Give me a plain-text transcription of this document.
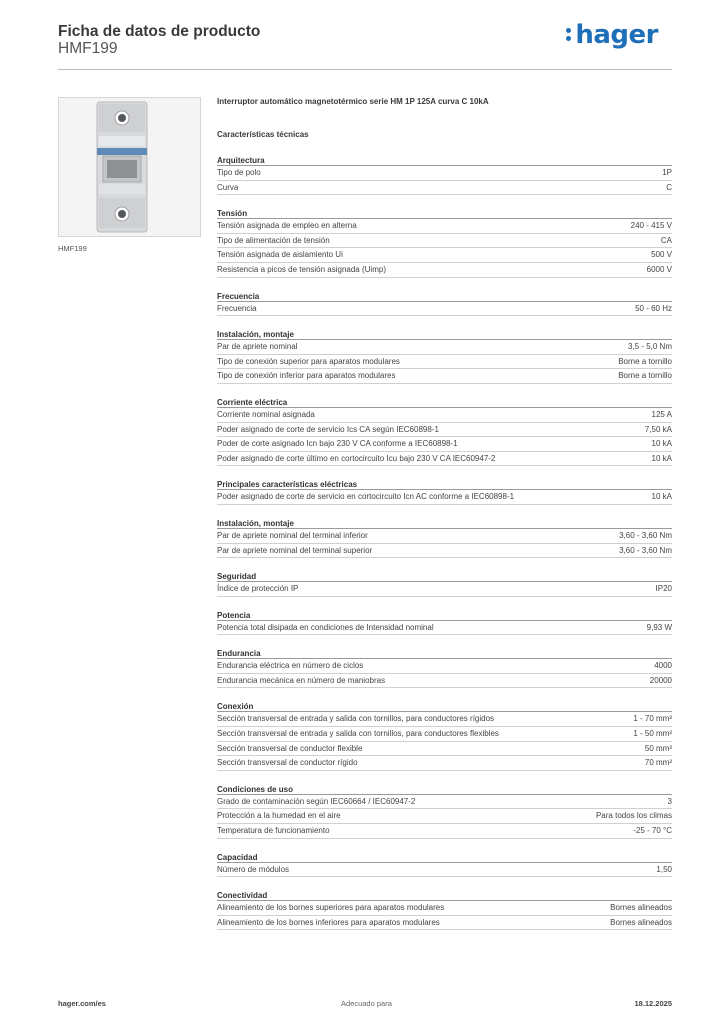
Ficha de datos de producto
HMF199	hager
HMF199
Interruptor automático magnetotérmico serie HM 1P 125A curva C 10kA
Características técnicas
Arquitectura
Tipo de polo	1P
Curva	C
Tensión
Tensión asignada de empleo en alterna	240 - 415 V
Tipo de alimentación de tensión	CA
Tensión asignada de aislamiento Ui	500 V
Resistencia a picos de tensión asignada (Uimp)	6000 V
Frecuencia
Frecuencia	50 - 60 Hz
Instalación, montaje
Par de apriete nominal	3,5 - 5,0 Nm
Tipo de conexión superior para aparatos modulares	Borne a tornillo
Tipo de conexión inferior para aparatos modulares	Borne a tornillo
Corriente eléctrica
Corriente nominal asignada	125 A
Poder asignado de corte de servicio Ics CA según IEC60898-1	7,50 kA
Poder de corte asignado Icn bajo 230 V CA conforme a IEC60898-1	10 kA
Poder asignado de corte último en cortocircuito Icu bajo 230 V CA IEC60947-2	10 kA
Principales características eléctricas
Poder asignado de corte de servicio en cortocircuito Icn AC conforme a IEC60898-1	10 kA
Instalación, montaje
Par de apriete nominal del terminal inferior	3,60 - 3,60 Nm
Par de apriete nominal del terminal superior	3,60 - 3,60 Nm
Seguridad
Índice de protección IP	IP20
Potencia
Potencia total disipada en condiciones de Intensidad nominal	9,93 W
Endurancia
Endurancia eléctrica en número de ciclos	4000
Endurancia mecánica en número de maniobras	20000
Conexión
Sección transversal de entrada y salida con tornillos, para conductores rígidos	1 - 70 mm²
Sección transversal de entrada y salida con tornillos, para conductores flexibles	1 - 50 mm²
Sección transversal de conductor flexible	50 mm²
Sección transversal de conductor rígido	70 mm²
Condiciones de uso
Grado de contaminación según IEC60664 / IEC60947-2	3
Protección a la humedad en el aire	Para todos los climas
Temperatura de funcionamiento	-25 - 70 °C
Capacidad
Número de módulos	1,50
Conectividad
Alineamiento de los bornes superiores para aparatos modulares	Bornes alineados
Alineamiento de los bornes inferiores para aparatos modulares	Bornes alineados
hager.com/es	Adecuado para	18.12.2025
